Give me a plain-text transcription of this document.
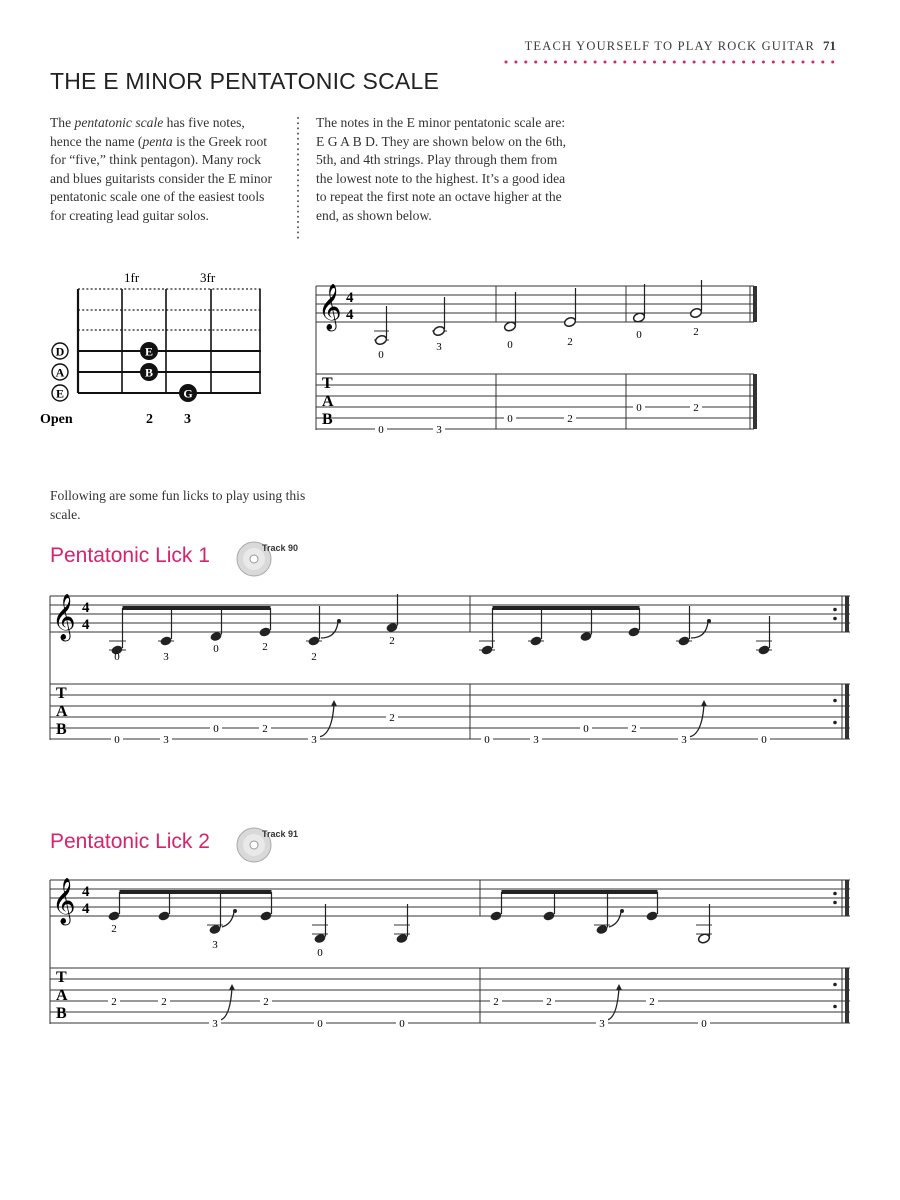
TEACH YOURSELF TO PLAY ROCK GUITAR 71
THE E MINOR PENTATONIC SCALE
The pentatonic scale has five notes, hence the name (penta is the Greek root for “five,” think pentagon). Many rock and blues guitarists consider the E minor pentatonic scale one of the easiest tools for creating lead guitar solos.
The notes in the E minor pentatonic scale are: E G A B D. They are shown below on the 6th, 5th, and 4th strings. Play through them from the lowest note to the highest. It’s a good idea to repeat the first note an octave higher at the end, as shown below.
1fr	3fr
D
A
E
E
B
G
Open	2 3
𝄞 4
4
0
3	0	2
0	2
T
A
B
0	3
0	2
0	2
Following are some fun licks to play using this scale.
Pentatonic Lick 1	Track 90
𝄞 4
4
0	3
0	2
2
2
T
A
B
0	3
0	2
3
2
0	3
0	2
3	0
Pentatonic Lick 2	Track 91
𝄞 4
4
2
3
0
T
A
B
2	2
3
2
0	0
2	2
3
2
0
